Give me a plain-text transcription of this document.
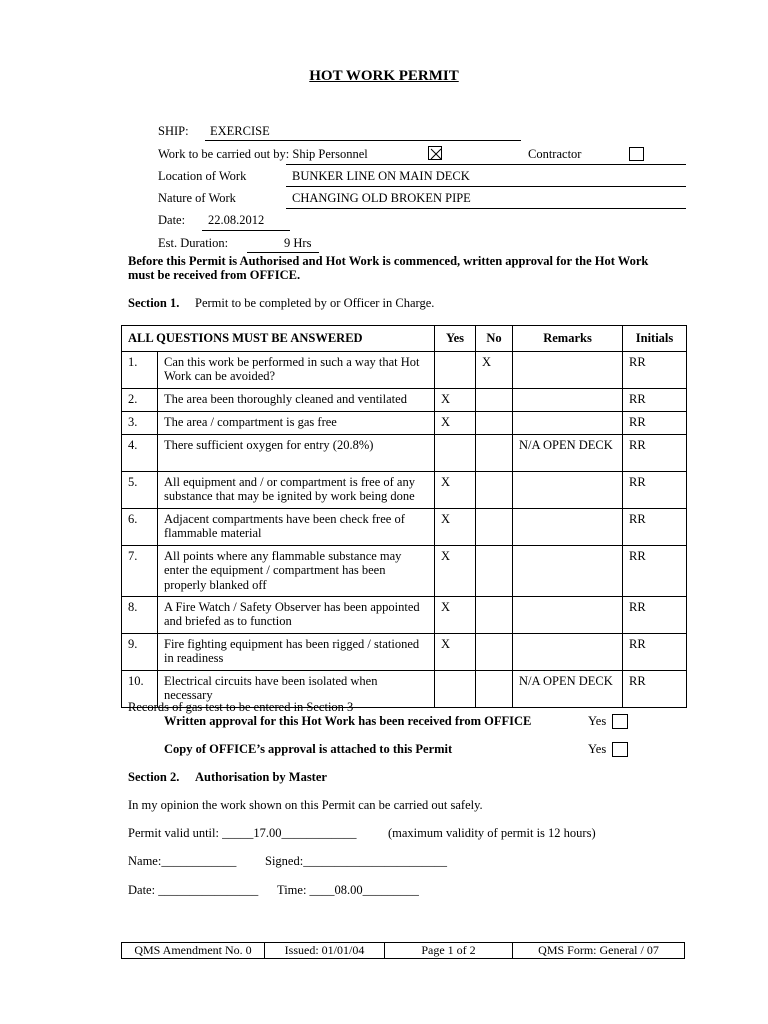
HOT WORK PERMIT
SHIP: EXERCISE
Work to be carried out by: Ship Personnel	Contractor
Location of Work	BUNKER LINE ON MAIN DECK
Nature of Work	CHANGING OLD BROKEN PIPE
Date: 22.08.2012
Est. Duration:	9 Hrs
Before this Permit is Authorised and Hot Work is commenced, written approval for the Hot Work
must be received from OFFICE.
Section 1. Permit to be completed by or Officer in Charge.
ALL QUESTIONS MUST BE ANSWERED		Yes	No	Remarks	Initials
1.	Can this work be performed in such a way that Hot Work can be avoided?		X		RR
2.	The area been thoroughly cleaned and ventilated	X			RR
3.	The area / compartment is gas free	X			RR
4.	There sufficient oxygen for entry (20.8%)			N/A OPEN DECK	RR
5.	All equipment and / or compartment is free of any substance that may be ignited by work being done	X			RR
6.	Adjacent compartments have been check free of flammable material	X			RR
7.	All points where any flammable substance may enter the equipment / compartment has been properly blanked off	X			RR
8.	A Fire Watch / Safety Observer has been appointed and briefed as to function	X			RR
9.	Fire fighting equipment has been rigged / stationed in readiness	X			RR
10.	Electrical circuits have been isolated when necessary			N/A OPEN DECK	RR
Records of gas test to be entered in Section 3
Written approval for this Hot Work has been received from OFFICE	Yes
Copy of OFFICE’s approval is attached to this Permit	Yes
Section 2. Authorisation by Master
In my opinion the work shown on this Permit can be carried out safely.
Permit valid until: _____17.00____________	(maximum validity of permit is 12 hours)
Name:____________ Signed:_______________________
Date: ________________ Time: ____08.00_________
QMS Amendment No. 0	Issued: 01/01/04	Page 1 of 2	QMS Form: General / 07
